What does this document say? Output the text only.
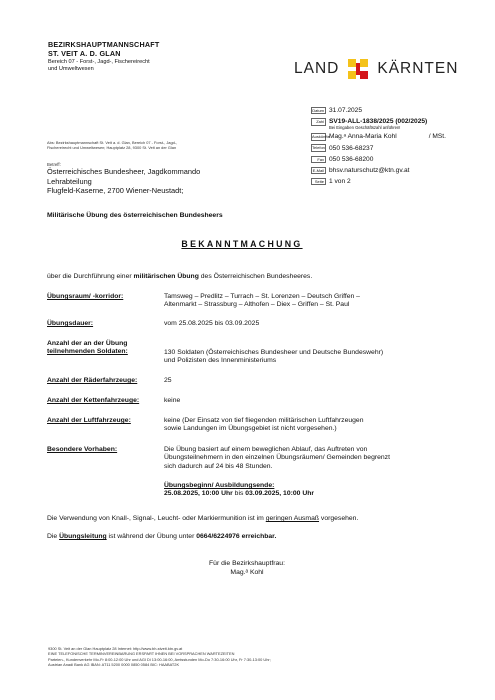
BEZIRKSHAUPTMANNSCHAFT
ST. VEIT A. D. GLAN
Bereich 07 - Forst-, Jagd-, Fischereirecht
und Umweltwesen	LAND KÄRNTEN
Abs: Bezirkshauptmannschaft St. Veit a. d. Glan, Bereich 07 - Forst-, Jagd-,
Fischereirecht und Umweltwesen; Hauptplatz 28, 9300 St. Veit an der Glan
Betreff:
Österreichisches Bundesheer, Jagdkommando
Lehrabteilung
Flugfeld-Kaserne, 2700 Wiener-Neustadt;
Datum 31.07.2025
Zahl SV19-ALL-1838/2025 (002/2025)
Bei Eingaben Geschäftszahl anführen!
Auskünfte Mag.ᵃ Anna-Maria Kohl	/ MSt.
Telefon 050 536-68237
Fax 050 536-68200
E-Mail bhsv.naturschutz@ktn.gv.at
Seite 1 von 2
Militärische Übung des österreichischen Bundesheers
BEKANNTMACHUNG
über die Durchführung einer militärischen Übung des Österreichischen Bundesheeres.
Übungsraum/ -korridor:	Tamsweg – Predlitz – Turrach – St. Lorenzen – Deutsch Griffen –
Altenmarkt – Strassburg – Althofen – Diex – Griffen – St. Paul
Übungsdauer:	vom 25.08.2025 bis 03.09.2025
Anzahl der an der Übung
teilnehmenden Soldaten:	130 Soldaten (Österreichisches Bundesheer und Deutsche Bundeswehr)
und Polizisten des Innenministeriums
Anzahl der Räderfahrzeuge:	25
Anzahl der Kettenfahrzeuge:	keine
Anzahl der Luftfahrzeuge:	keine (Der Einsatz von tief fliegenden militärischen Luftfahrzeugen
sowie Landungen im Übungsgebiet ist nicht vorgesehen.)
Besondere Vorhaben:	Die Übung basiert auf einem beweglichen Ablauf, das Auftreten von
Übungsteilnehmern in den einzelnen Übungsräumen/ Gemeinden begrenzt
sich dadurch auf 24 bis 48 Stunden.
Übungsbeginn/ Ausbildungsende:
25.08.2025, 10:00 Uhr bis 03.09.2025, 10:00 Uhr
Die Verwendung von Knall-, Signal-, Leucht- oder Markiermunition ist im geringen Ausmaß vorgesehen.
Die Übungsleitung ist während der Übung unter 0664/6224976 erreichbar.
Für die Bezirkshauptfrau:
Mag.ᵃ Kohl
9300 St. Veit an der Glan Hauptplatz 28 Internet: http://www.bh-stveit.ktn.gv.at
EINE TELEFONISCHE TERMINVEREINBARUNG ERSPART IHNEN BEI VORSPRACHEN WARTEZEITEN
Parteien-, Kundenverkehr Mo-Fr 8:00-12:00 Uhr und AGI Di 13:00-16:00, Amtsstunden Mo-Do 7:30-16:00 Uhr, Fr 7:30-13:00 Uhr;
Austrian Anadi Bank AG IBAN: AT11 5200 0000 0850 0584 BIC: HAABAT2K
